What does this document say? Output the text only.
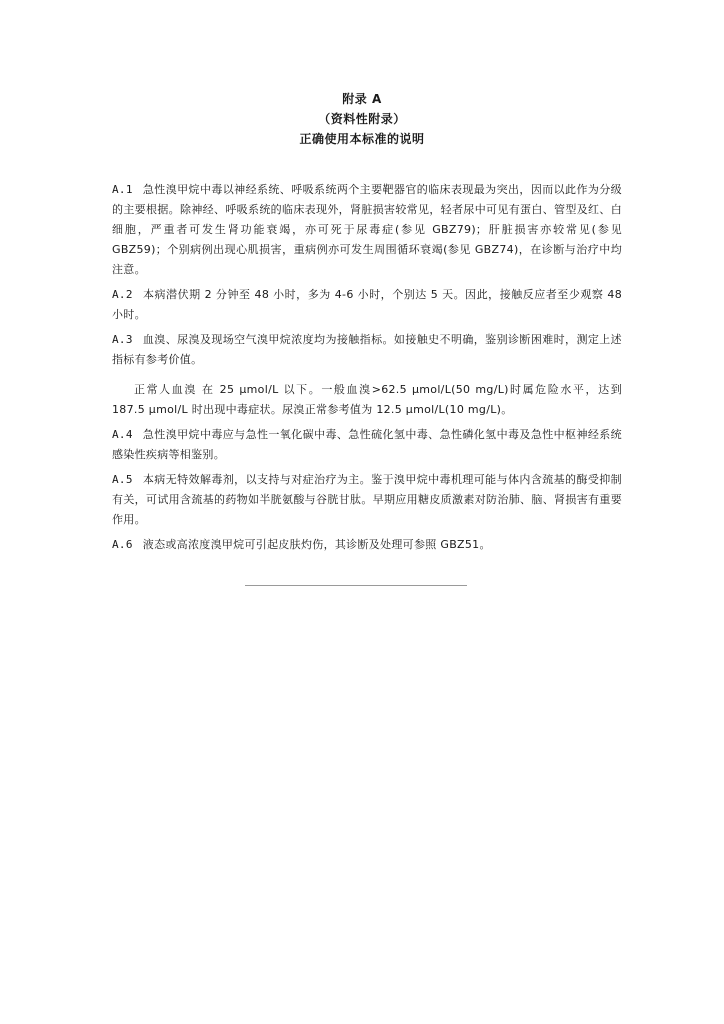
附录 A
（资料性附录）
正确使用本标准的说明

A.1 急性溴甲烷中毒以神经系统、呼吸系统两个主要靶器官的临床表现最为突出，因而以此作为分级的主要根据。除神经、呼吸系统的临床表现外，肾脏损害较常见，轻者尿中可见有蛋白、管型及红、白细胞，严重者可发生肾功能衰竭，亦可死于尿毒症(参见 GBZ79)；肝脏损害亦较常见(参见 GBZ59)；个别病例出现心肌损害，重病例亦可发生周围循环衰竭(参见 GBZ74)，在诊断与治疗中均注意。

A.2 本病潜伏期 2 分钟至 48 小时，多为 4-6 小时，个别达 5 天。因此，接触反应者至少观察 48 小时。

A.3 血溴、尿溴及现场空气溴甲烷浓度均为接触指标。如接触史不明确，鉴别诊断困难时，测定上述指标有参考价值。

正常人血溴 在 25 μmol/L 以下。一般血溴>62.5 μmol/L(50 mg/L)时属危险水平，达到 187.5 μmol/L 时出现中毒症状。尿溴正常参考值为 12.5 μmol/L(10 mg/L)。

A.4 急性溴甲烷中毒应与急性一氧化碳中毒、急性硫化氢中毒、急性磷化氢中毒及急性中枢神经系统感染性疾病等相鉴别。

A.5 本病无特效解毒剂，以支持与对症治疗为主。鉴于溴甲烷中毒机理可能与体内含巯基的酶受抑制有关，可试用含巯基的药物如半胱氨酸与谷胱甘肽。早期应用糖皮质激素对防治肺、脑、肾损害有重要作用。

A.6 液态或高浓度溴甲烷可引起皮肤灼伤，其诊断及处理可参照 GBZ51。
